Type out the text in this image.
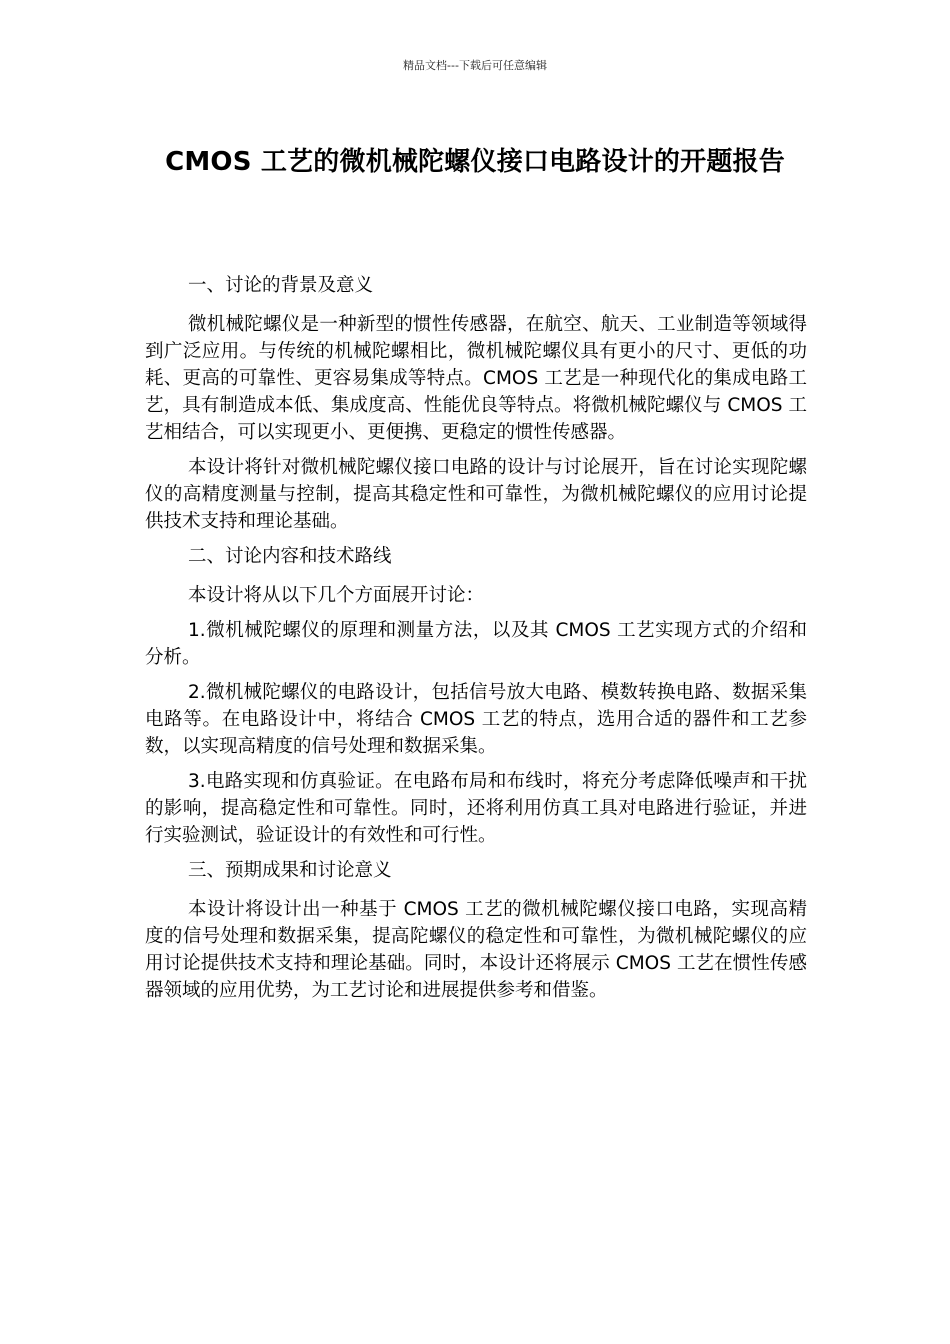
精品文档---下载后可任意编辑
CMOS 工艺的微机械陀螺仪接口电路设计的开题报告

一、讨论的背景及意义

微机械陀螺仪是一种新型的惯性传感器，在航空、航天、工业制造等领域得到广泛应用。与传统的机械陀螺相比，微机械陀螺仪具有更小的尺寸、更低的功耗、更高的可靠性、更容易集成等特点。CMOS 工艺是一种现代化的集成电路工艺，具有制造成本低、集成度高、性能优良等特点。将微机械陀螺仪与 CMOS 工艺相结合，可以实现更小、更便携、更稳定的惯性传感器。

本设计将针对微机械陀螺仪接口电路的设计与讨论展开，旨在讨论实现陀螺仪的高精度测量与控制，提高其稳定性和可靠性，为微机械陀螺仪的应用讨论提供技术支持和理论基础。

二、讨论内容和技术路线

本设计将从以下几个方面展开讨论：

1.微机械陀螺仪的原理和测量方法，以及其 CMOS 工艺实现方式的介绍和分析。

2.微机械陀螺仪的电路设计，包括信号放大电路、模数转换电路、数据采集电路等。在电路设计中，将结合 CMOS 工艺的特点，选用合适的器件和工艺参数，以实现高精度的信号处理和数据采集。

3.电路实现和仿真验证。在电路布局和布线时，将充分考虑降低噪声和干扰的影响，提高稳定性和可靠性。同时，还将利用仿真工具对电路进行验证，并进行实验测试，验证设计的有效性和可行性。

三、预期成果和讨论意义

本设计将设计出一种基于 CMOS 工艺的微机械陀螺仪接口电路，实现高精度的信号处理和数据采集，提高陀螺仪的稳定性和可靠性，为微机械陀螺仪的应用讨论提供技术支持和理论基础。同时，本设计还将展示 CMOS 工艺在惯性传感器领域的应用优势，为工艺讨论和进展提供参考和借鉴。
